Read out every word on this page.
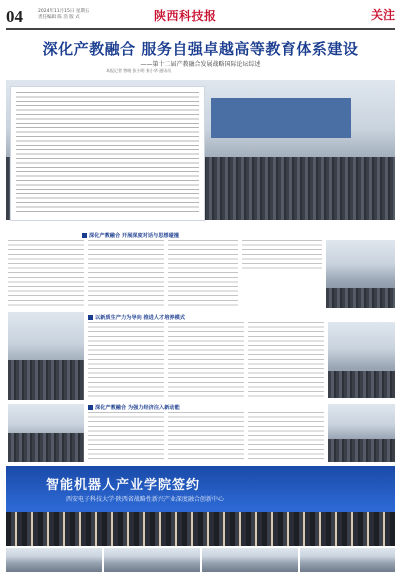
04	2024年11月15日 星期五
责任编辑 陈 浩 版 式	陕西科技报	关注
深化产教融合 服务自强卓越高等教育体系建设
——第十二届产教融合发展战略国际论坛综述
本报记者 曾晓 张小明 张小华 通讯员
深化产教融合 开展深度对话与思想碰撞
以新质生产力为导向 推进人才培养模式
深化产教融合 为强力经济注入新动能
智能机器人产业学院签约
西安电子科技大学·陕西省战略性新兴产业深度融合创新中心
